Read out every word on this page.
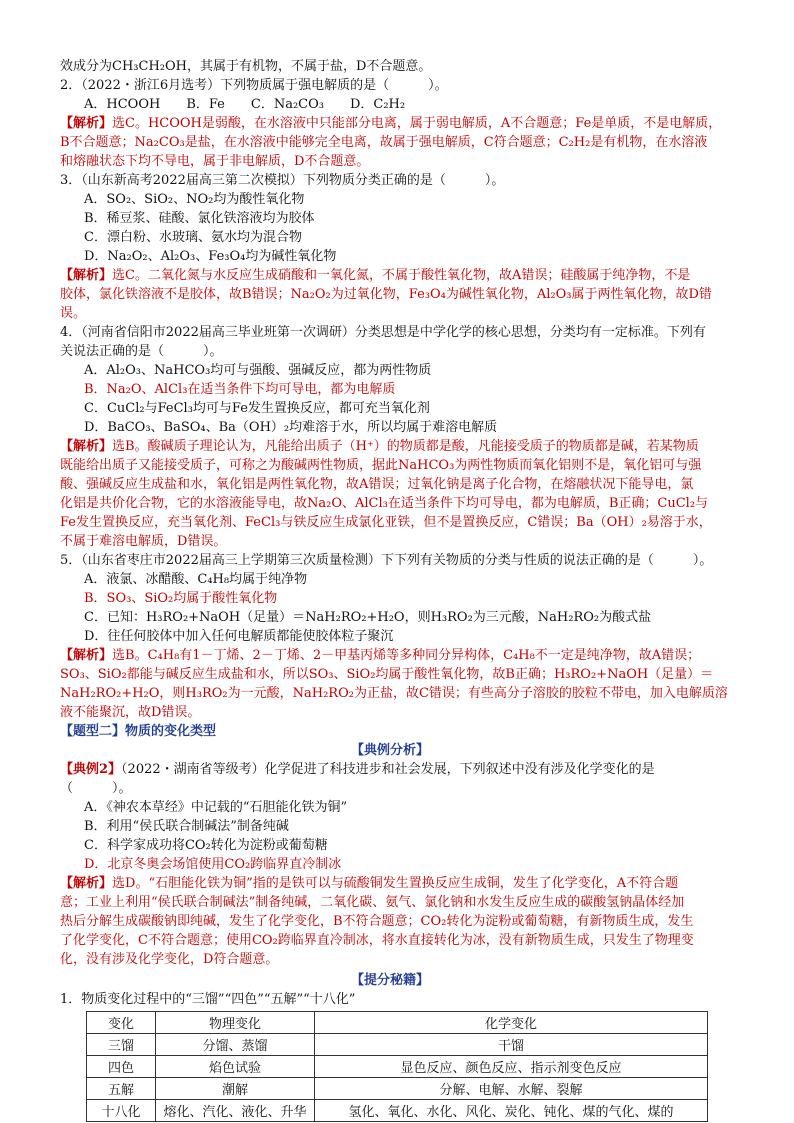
效成分为CH₃CH₂OH，其属于有机物，不属于盐，D不合题意。
2．（2022・浙江6月选考）下列物质属于强电解质的是（　　　）。
A．HCOOH　　B．Fe　　C．Na₂CO₃　　D．C₂H₂
【解析】选C。HCOOH是弱酸，在水溶液中只能部分电离，属于弱电解质，A不合题意；Fe是单质，不是电解质，
B不合题意；Na₂CO₃是盐，在水溶液中能够完全电离，故属于强电解质，C符合题意；C₂H₂是有机物，在水溶液
和熔融状态下均不导电，属于非电解质，D不合题意。
3．（山东新高考2022届高三第二次模拟）下列物质分类正确的是（　　　）。
A．SO₂、SiO₂、NO₂均为酸性氧化物
B．稀豆浆、硅酸、氯化铁溶液均为胶体
C．漂白粉、水玻璃、氨水均为混合物
D．Na₂O₂、Al₂O₃、Fe₃O₄均为碱性氧化物
【解析】选C。二氧化氮与水反应生成硝酸和一氧化氮，不属于酸性氧化物，故A错误；硅酸属于纯净物，不是
胶体，氯化铁溶液不是胶体，故B错误；Na₂O₂为过氧化物，Fe₃O₄为碱性氧化物，Al₂O₃属于两性氧化物，故D错
误。
4．（河南省信阳市2022届高三毕业班第一次调研）分类思想是中学化学的核心思想，分类均有一定标准。下列有
关说法正确的是（　　　）。
A．Al₂O₃、NaHCO₃均可与强酸、强碱反应，都为两性物质
B．Na₂O、AlCl₃在适当条件下均可导电，都为电解质
C．CuCl₂与FeCl₃均可与Fe发生置换反应，都可充当氧化剂
D．BaCO₃、BaSO₄、Ba（OH）₂均难溶于水，所以均属于难溶电解质
【解析】选B。酸碱质子理论认为，凡能给出质子（H⁺）的物质都是酸，凡能接受质子的物质都是碱，若某物质
既能给出质子又能接受质子，可称之为酸碱两性物质，据此NaHCO₃为两性物质而氧化铝则不是，氧化铝可与强
酸、强碱反应生成盐和水，氧化铝是两性氧化物，故A错误；过氧化钠是离子化合物，在熔融状况下能导电，氯
化铝是共价化合物，它的水溶液能导电，故Na₂O、AlCl₃在适当条件下均可导电，都为电解质，B正确；CuCl₂与
Fe发生置换反应，充当氧化剂、FeCl₃与铁反应生成氯化亚铁，但不是置换反应，C错误；Ba（OH）₂易溶于水，
不属于难溶电解质，D错误。
5．（山东省枣庄市2022届高三上学期第三次质量检测）下下列有关物质的分类与性质的说法正确的是（　　　）。
A．液氯、冰醋酸、C₄H₈均属于纯净物
B．SO₃、SiO₂均属于酸性氧化物
C．已知：H₃RO₂+NaOH（足量）＝NaH₂RO₂+H₂O，则H₃RO₂为三元酸，NaH₂RO₂为酸式盐
D．往任何胶体中加入任何电解质都能使胶体粒子聚沉
【解析】选B。C₄H₈有1－丁烯、2－丁烯、2－甲基丙烯等多种同分异构体，C₄H₈不一定是纯净物，故A错误；
SO₃、SiO₂都能与碱反应生成盐和水，所以SO₃、SiO₂均属于酸性氧化物，故B正确；H₃RO₂+NaOH（足量）＝
NaH₂RO₂+H₂O，则H₃RO₂为一元酸，NaH₂RO₂为正盐，故C错误；有些高分子溶胶的胶粒不带电，加入电解质溶
液不能聚沉，故D错误。
【题型二】物质的变化类型
【典例分析】
【典例2】（2022・湖南省等级考）化学促进了科技进步和社会发展，下列叙述中没有涉及化学变化的是
（　　　）。
A．《神农本草经》中记载的“石胆能化铁为铜”
B．利用“侯氏联合制碱法”制备纯碱
C．科学家成功将CO₂转化为淀粉或葡萄糖
D．北京冬奥会场馆使用CO₂跨临界直冷制冰
【解析】选D。“石胆能化铁为铜”指的是铁可以与硫酸铜发生置换反应生成铜，发生了化学变化，A不符合题
意；工业上利用“侯氏联合制碱法”制备纯碱，二氧化碳、氨气、氯化钠和水发生反应生成的碳酸氢钠晶体经加
热后分解生成碳酸钠即纯碱，发生了化学变化，B不符合题意；CO₂转化为淀粉或葡萄糖，有新物质生成，发生
了化学变化，C不符合题意；使用CO₂跨临界直冷制冰，将水直接转化为冰，没有新物质生成，只发生了物理变
化，没有涉及化学变化，D符合题意。
【提分秘籍】
1．物质变化过程中的“三馏”“四色”“五解”“十八化”
变化	物理变化	化学变化
三馏	分馏、蒸馏	干馏
四色	焰色试验	显色反应、颜色反应、指示剂变色反应
五解	潮解	分解、电解、水解、裂解
十八化	熔化、汽化、液化、升华	氢化、氧化、水化、风化、炭化、钝化、煤的气化、煤的
